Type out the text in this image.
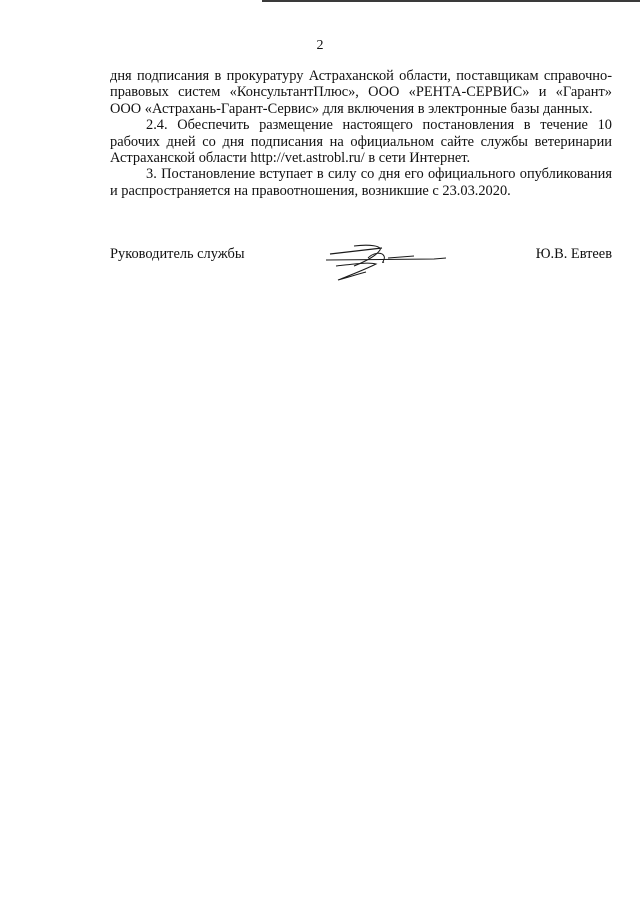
2

дня подписания в прокуратуру Астраханской области, поставщикам справочно-правовых систем «КонсультантПлюс», ООО «РЕНТА-СЕРВИС» и «Гарант» ООО «Астрахань-Гарант-Сервис» для включения в электронные базы данных.

2.4. Обеспечить размещение настоящего постановления в течение 10 рабочих дней со дня подписания на официальном сайте службы ветеринарии Астраханской области http://vet.astrobl.ru/ в сети Интернет.

3. Постановление вступает в силу со дня его официального опубликования и распространяется на правоотношения, возникшие с 23.03.2020.

Руководитель службы	Ю.В. Евтеев
